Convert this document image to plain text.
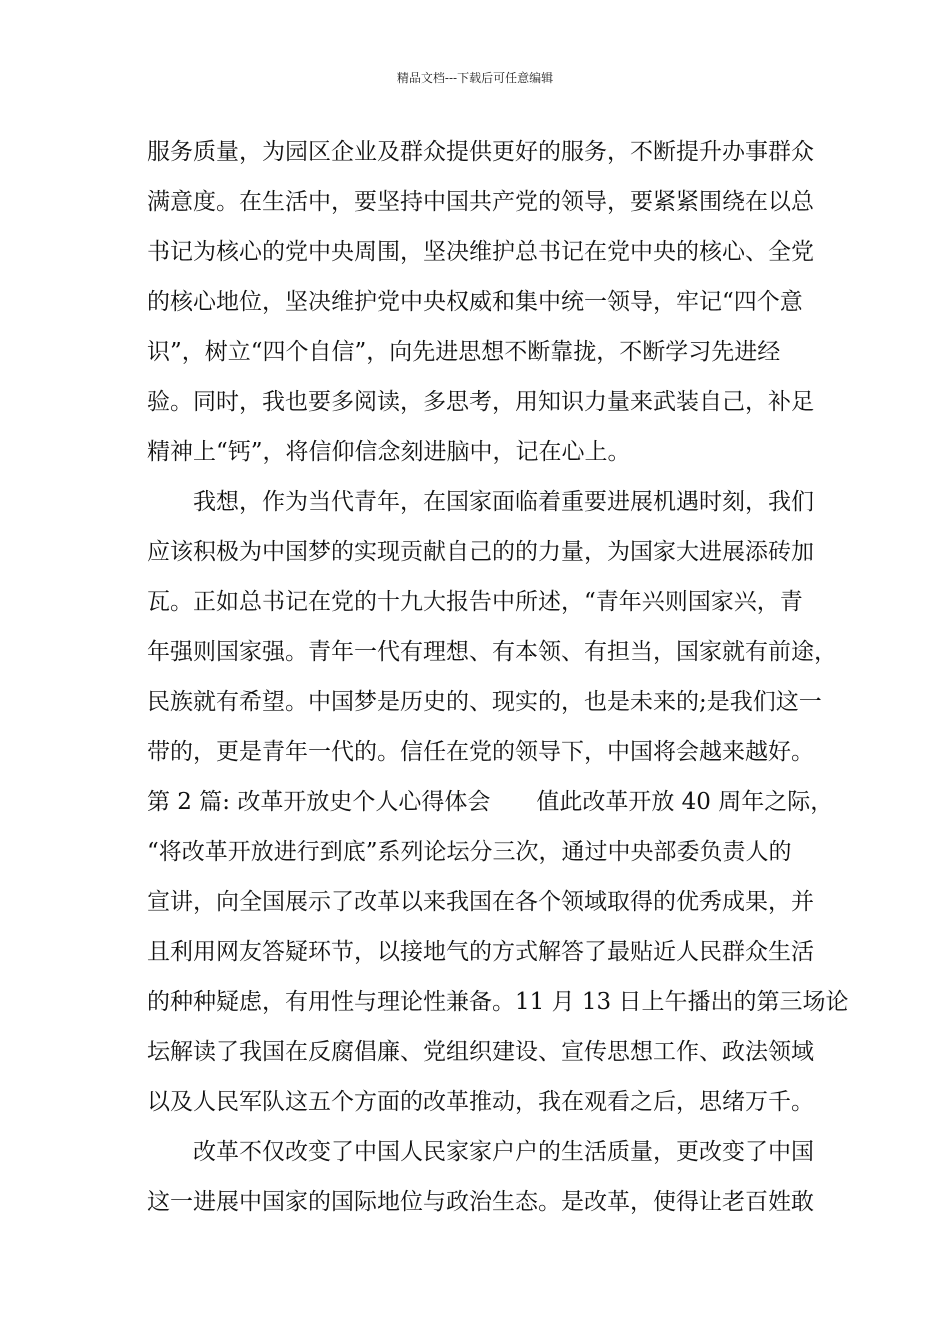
精品文档---下载后可任意编辑
服务质量，为园区企业及群众提供更好的服务，不断提升办事群众
满意度。在生活中，要坚持中国共产党的领导，要紧紧围绕在以总
书记为核心的党中央周围，坚决维护总书记在党中央的核心、全党
的核心地位，坚决维护党中央权威和集中统一领导，牢记“四个意
识”，树立“四个自信”，向先进思想不断靠拢，不断学习先进经
验。同时，我也要多阅读，多思考，用知识力量来武装自己，补足
精神上“钙”，将信仰信念刻进脑中，记在心上。
　　我想，作为当代青年，在国家面临着重要进展机遇时刻，我们
应该积极为中国梦的实现贡献自己的的力量，为国家大进展添砖加
瓦。正如总书记在党的十九大报告中所述，“青年兴则国家兴，青
年强则国家强。青年一代有理想、有本领、有担当，国家就有前途，
民族就有希望。中国梦是历史的、现实的，也是未来的;是我们这一
带的，更是青年一代的。信任在党的领导下，中国将会越来越好。
第 2 篇: 改革开放史个人心得体会　　值此改革开放 40 周年之际，
“将改革开放进行到底”系列论坛分三次，通过中央部委负责人的
宣讲，向全国展示了改革以来我国在各个领域取得的优秀成果，并
且利用网友答疑环节，以接地气的方式解答了最贴近人民群众生活
的种种疑虑，有用性与理论性兼备。11 月 13 日上午播出的第三场论
坛解读了我国在反腐倡廉、党组织建设、宣传思想工作、政法领域
以及人民军队这五个方面的改革推动，我在观看之后，思绪万千。
　　改革不仅改变了中国人民家家户户的生活质量，更改变了中国
这一进展中国家的国际地位与政治生态。是改革，使得让老百姓敢
